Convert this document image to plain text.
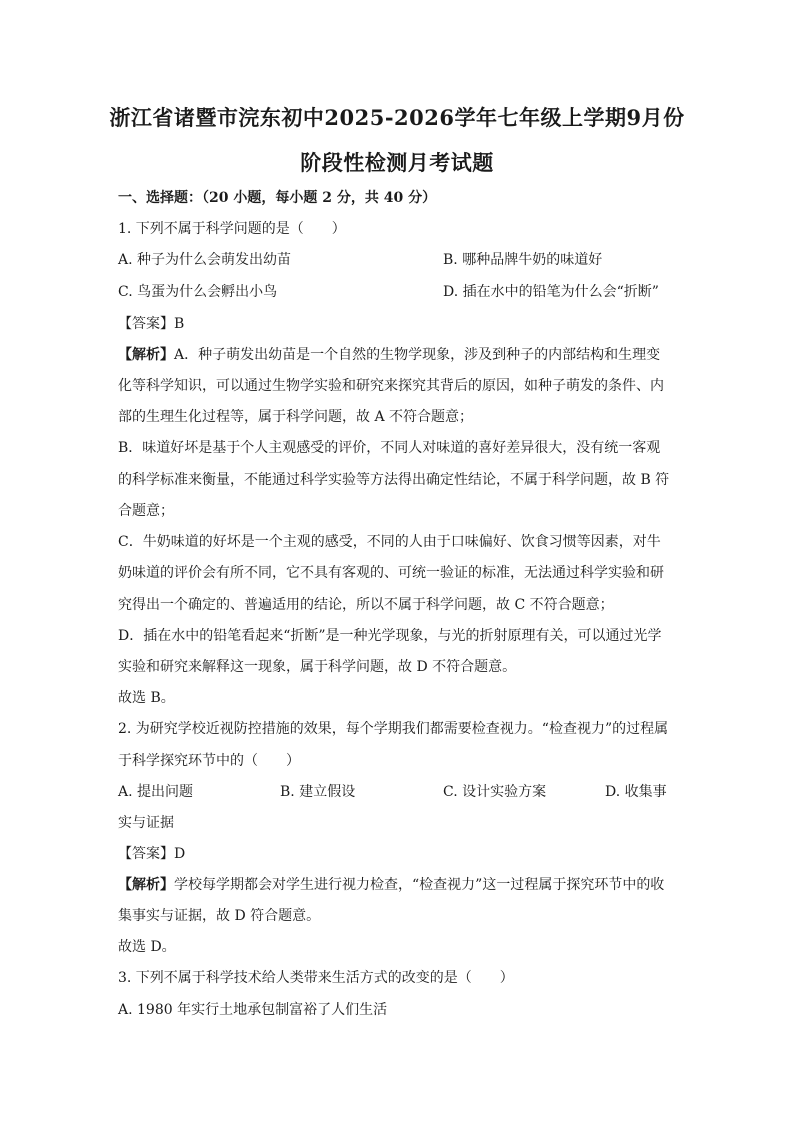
浙江省诸暨市浣东初中2025-2026学年七年级上学期9月份
阶段性检测月考试题
一、选择题：（20 小题，每小题 2 分，共 40 分）
1. 下列不属于科学问题的是（　　）
A. 种子为什么会萌发出幼苗	B. 哪种品牌牛奶的味道好
C. 鸟蛋为什么会孵出小鸟	D. 插在水中的铅笔为什么会“折断”
【答案】B
【解析】A．种子萌发出幼苗是一个自然的生物学现象，涉及到种子的内部结构和生理变
化等科学知识，可以通过生物学实验和研究来探究其背后的原因，如种子萌发的条件、内
部的生理生化过程等，属于科学问题，故 A 不符合题意；
B．味道好坏是基于个人主观感受的评价，不同人对味道的喜好差异很大，没有统一客观
的科学标准来衡量，不能通过科学实验等方法得出确定性结论，不属于科学问题，故 B 符
合题意；
C．牛奶味道的好坏是一个主观的感受，不同的人由于口味偏好、饮食习惯等因素，对牛
奶味道的评价会有所不同，它不具有客观的、可统一验证的标准，无法通过科学实验和研
究得出一个确定的、普遍适用的结论，所以不属于科学问题，故 C 不符合题意；
D．插在水中的铅笔看起来“折断”是一种光学现象，与光的折射原理有关，可以通过光学
实验和研究来解释这一现象，属于科学问题，故 D 不符合题意。
故选 B。
2. 为研究学校近视防控措施的效果，每个学期我们都需要检查视力。“检查视力”的过程属
于科学探究环节中的（　　）
A. 提出问题	B. 建立假设	C. 设计实验方案	D. 收集事
实与证据
【答案】D
【解析】学校每学期都会对学生进行视力检查，“检查视力”这一过程属于探究环节中的收
集事实与证据，故 D 符合题意。
故选 D。
3. 下列不属于科学技术给人类带来生活方式的改变的是（　　）
A. 1980 年实行土地承包制富裕了人们生活
